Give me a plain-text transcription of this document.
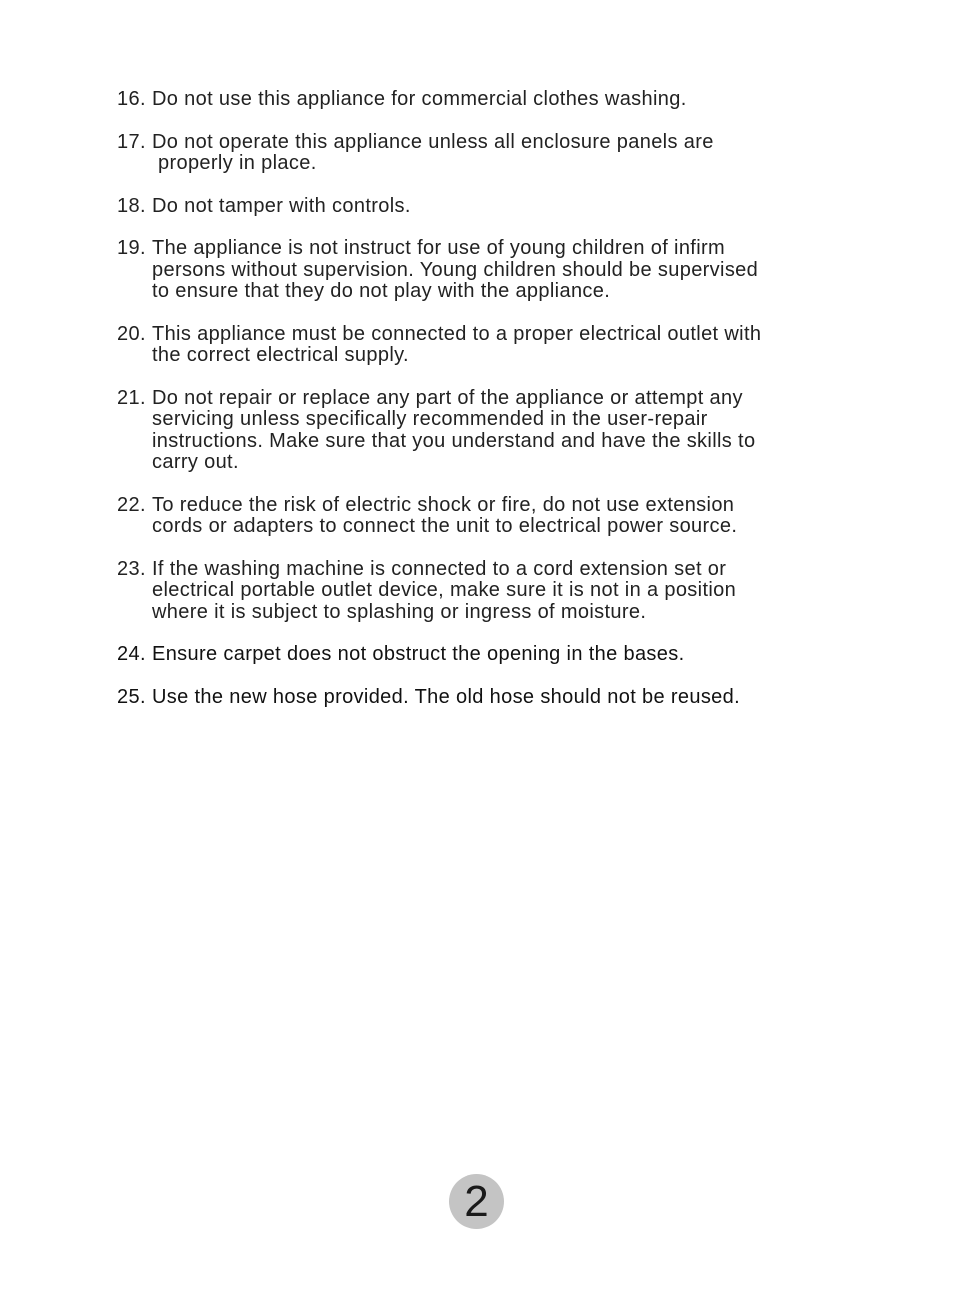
16. Do not use this appliance for commercial clothes washing.
17. Do not operate this appliance unless all enclosure panels are
properly in place.
18. Do not tamper with controls.
19. The appliance is not instruct for use of young children of infirm
persons without supervision. Young children should be supervised
to ensure that they do not play with the appliance.
20. This appliance must be connected to a proper electrical outlet with
the correct electrical supply.
21. Do not repair or replace any part of the appliance or attempt any
servicing unless specifically recommended in the user-repair
instructions. Make sure that you understand and have the skills to
carry out.
22. To reduce the risk of electric shock or fire, do not use extension
cords or adapters to connect the unit to electrical power source.
23. If the washing machine is connected to a cord extension set or
electrical portable outlet device, make sure it is not in a position
where it is subject to splashing or ingress of moisture.
24. Ensure carpet does not obstruct the opening in the bases.
25. Use the new hose provided. The old hose should not be reused.
2
